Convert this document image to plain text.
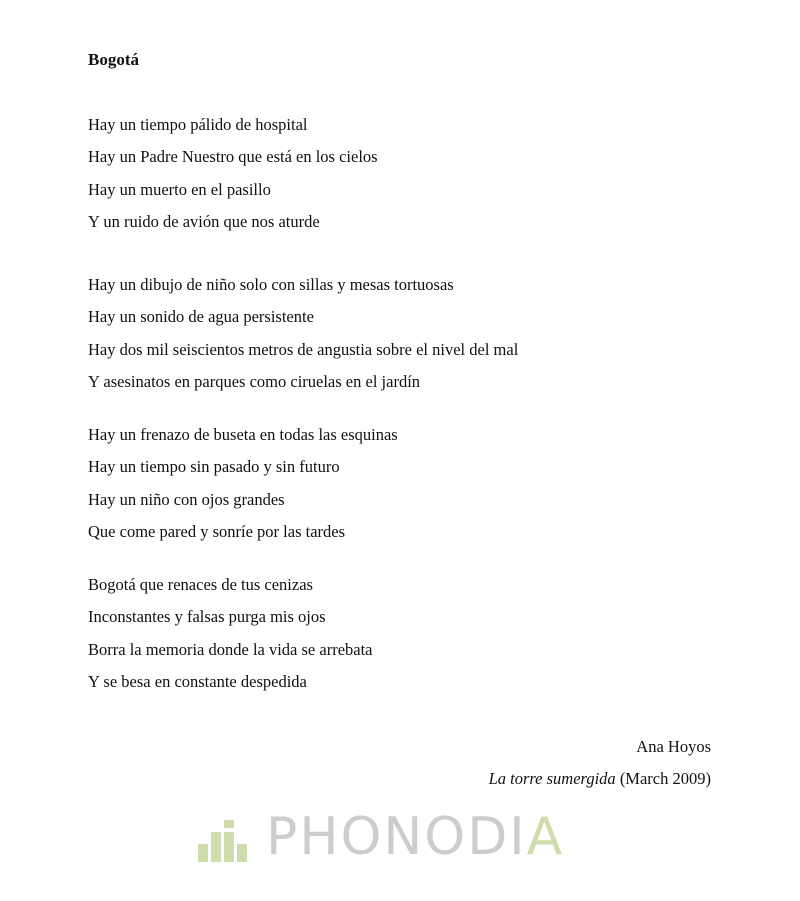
Bogotá
Hay un tiempo pálido de hospital
Hay un Padre Nuestro que está en los cielos
Hay un muerto en el pasillo
Y un ruido de avión que nos aturde
Hay un dibujo de niño solo con sillas y mesas tortuosas
Hay un sonido de agua persistente
Hay dos mil seiscientos metros de angustia sobre el nivel del mal
Y asesinatos en parques como ciruelas en el jardín
Hay un frenazo de buseta en todas las esquinas
Hay un tiempo sin pasado y sin futuro
Hay un niño con ojos grandes
Que come pared y sonríe por las tardes
Bogotá que renaces de tus cenizas
Inconstantes y falsas purga mis ojos
Borra la memoria donde la vida se arrebata
Y se besa en constante despedida
Ana Hoyos
La torre sumergida (March 2009)
PHONODIA
